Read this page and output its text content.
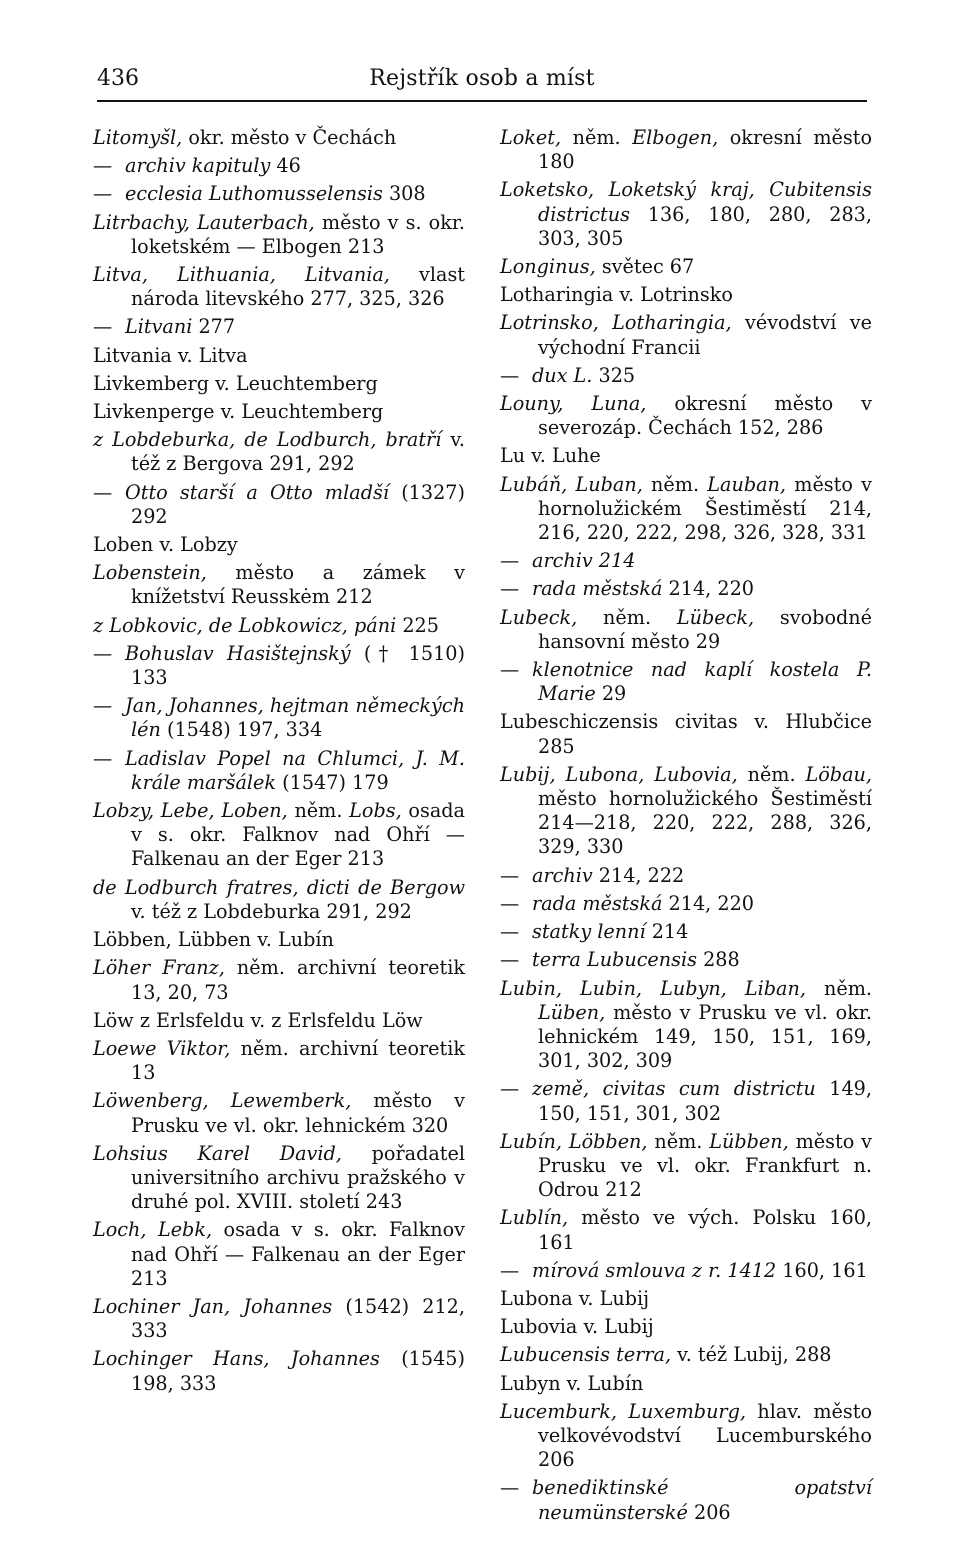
436	Rejstřík osob a míst

Litomyšl, okr. město v Čechách

—archiv kapituly 46

—ecclesia Luthomusselensis 308

Litrbachy, Lauterbach, město v s. okr. loketském — Elbogen 213

Litva, Lithuania, Litvania, vlast národa litevského 277, 325, 326

—Litvani 277

Litvania v. Litva

Livkemberg v. Leuchtemberg

Livkenperge v. Leuchtemberg

z Lobdeburka, de Lodburch, bratří v. též z Bergova 291, 292

—Otto starší a Otto mladší (1327) 292

Loben v. Lobzy

Lobenstein, město a zámek v knížetství Reusskėm 212

z Lobkovic, de Lobkowicz, páni 225

—Bohuslav Hasištejnský († 1510) 133

—Jan, Johannes, hejtman německých lén (1548) 197, 334

—Ladislav Popel na Chlumci, J. M. krále maršálek (1547) 179

Lobzy, Lebe, Loben, něm. Lobs, osada v s. okr. Falknov nad Ohří — Falkenau an der Eger 213

de Lodburch fratres, dicti de Bergow v. též z Lobdeburka 291, 292

Löbben, Lübben v. Lubín

Löher Franz, něm. archivní teoretik 13, 20, 73

Löw z Erlsfeldu v. z Erlsfeldu Löw

Loewe Viktor, něm. archivní teoretik 13

Löwenberg, Lewemberk, město v Prusku ve vl. okr. lehnickém 320

Lohsius Karel David, pořadatel universitního archivu pražského v druhé pol. XVIII. století 243

Loch, Lebk, osada v s. okr. Falknov nad Ohří — Falkenau an der Eger 213

Lochiner Jan, Johannes (1542) 212, 333

Lochinger Hans, Johannes (1545) 198, 333

Loket, něm. Elbogen, okresní město 180

Loketsko, Loketský kraj, Cubitensis districtus 136, 180, 280, 283, 303, 305

Longinus, světec 67

Lotharingia v. Lotrinsko

Lotrinsko, Lotharingia, vévodství ve východní Francii

—dux L. 325

Louny, Luna, okresní město v severozáp. Čechách 152, 286

Lu v. Luhe

Lubáň, Luban, něm. Lauban, město v hornolužickém Šestiměstí 214, 216, 220, 222, 298, 326, 328, 331

—archiv 214

—rada městská 214, 220

Lubeck, něm. Lübeck, svobodné hansovní město 29

—klenotnice nad kaplí kostela P. Marie 29

Lubeschiczensis civitas v. Hlubčice 285

Lubij, Lubona, Lubovia, něm. Löbau, město hornolužického Šestiměstí 214—218, 220, 222, 288, 326, 329, 330

—archiv 214, 222

—rada městská 214, 220

—statky lenní 214

—terra Lubucensis 288

Lubin, Lubin, Lubyn, Liban, něm. Lüben, město v Prusku ve vl. okr. lehnickém 149, 150, 151, 169, 301, 302, 309

—země, civitas cum districtu 149, 150, 151, 301, 302

Lubín, Löbben, něm. Lübben, město v Prusku ve vl. okr. Frankfurt n. Odrou 212

Lublín, město ve vých. Polsku 160, 161

—mírová smlouva z r. 1412 160, 161

Lubona v. Lubij

Lubovia v. Lubij

Lubucensis terra, v. též Lubij, 288

Lubyn v. Lubín

Lucemburk, Luxemburg, hlav. město velkovévodství Lucemburského 206

—benediktinské opatství neumünsterské 206
